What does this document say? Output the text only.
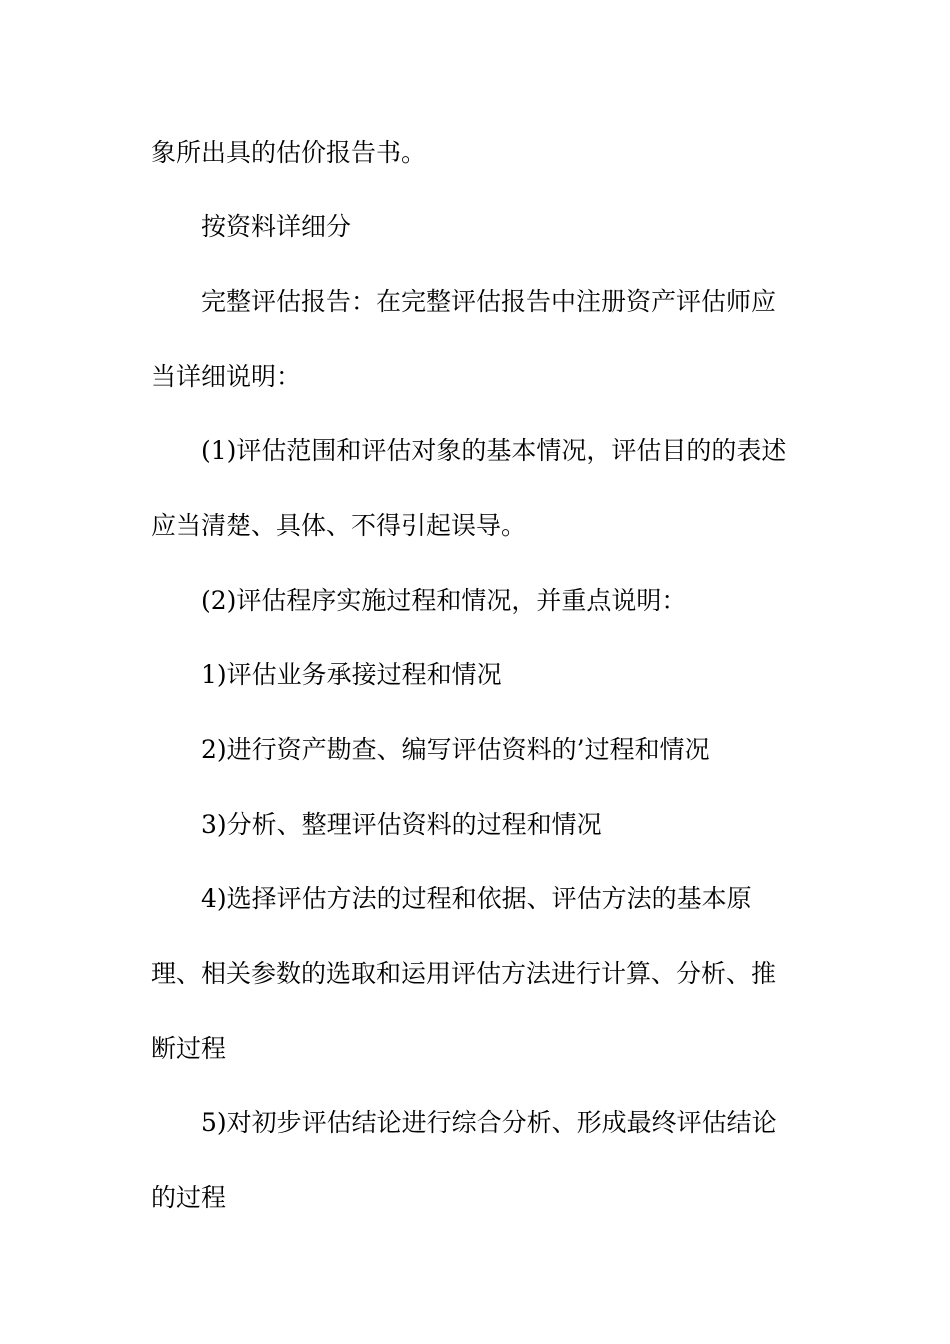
象所出具的估价报告书。
按资料详细分
完整评估报告：在完整评估报告中注册资产评估师应
当详细说明：
(1)评估范围和评估对象的基本情况，评估目的的表述
应当清楚、具体、不得引起误导。
(2)评估程序实施过程和情况，并重点说明：
1)评估业务承接过程和情况
2)进行资产勘查、编写评估资料的’过程和情况
3)分析、整理评估资料的过程和情况
4)选择评估方法的过程和依据、评估方法的基本原
理、相关参数的选取和运用评估方法进行计算、分析、推
断过程
5)对初步评估结论进行综合分析、形成最终评估结论
的过程
